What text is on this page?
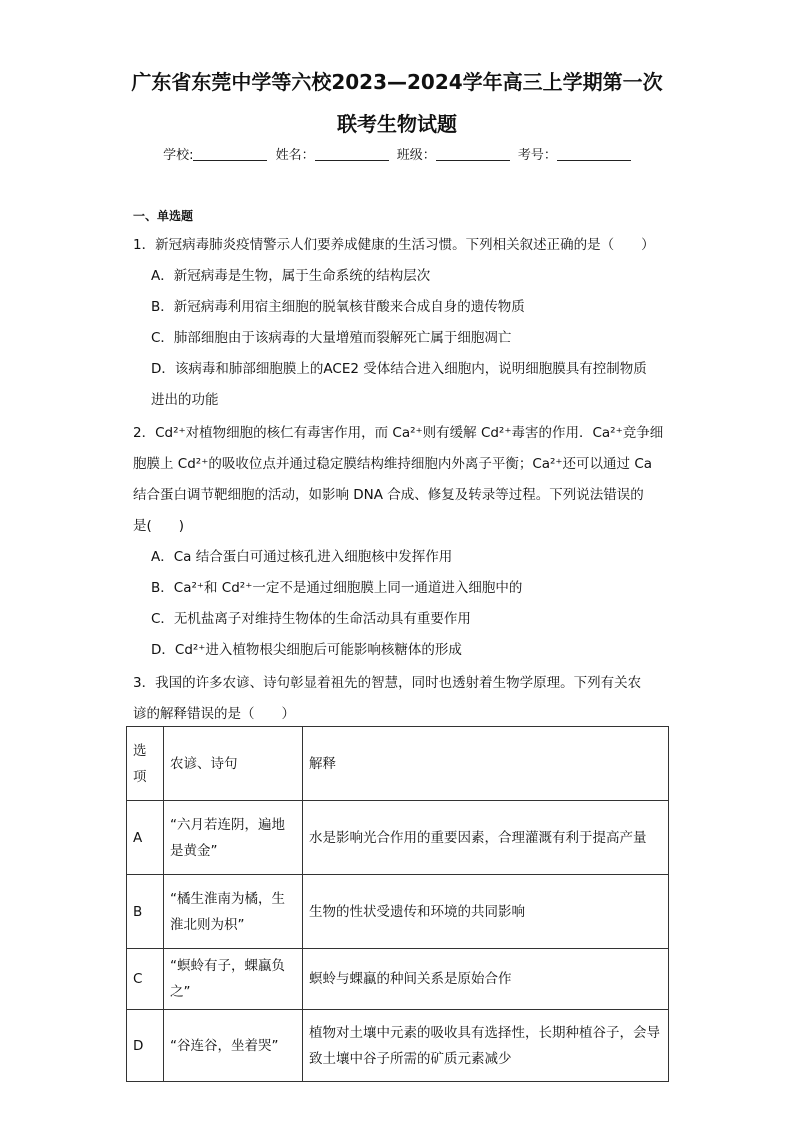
广东省东莞中学等六校2023—2024学年高三上学期第一次
联考生物试题
学校:	姓名：	班级：	考号：
一、单选题
1．新冠病毒肺炎疫情警示人们要养成健康的生活习惯。下列相关叙述正确的是（　　）
A．新冠病毒是生物，属于生命系统的结构层次
B．新冠病毒利用宿主细胞的脱氧核苷酸来合成自身的遗传物质
C．肺部细胞由于该病毒的大量增殖而裂解死亡属于细胞凋亡
D．该病毒和肺部细胞膜上的ACE2 受体结合进入细胞内，说明细胞膜具有控制物质
进出的功能
2．Cd²⁺对植物细胞的核仁有毒害作用，而 Ca²⁺则有缓解 Cd²⁺毒害的作用．Ca²⁺竞争细
胞膜上 Cd²⁺的吸收位点并通过稳定膜结构维持细胞内外离子平衡；Ca²⁺还可以通过 Ca
结合蛋白调节靶细胞的活动，如影响 DNA 合成、修复及转录等过程。下列说法错误的
是(　　)
A．Ca 结合蛋白可通过核孔进入细胞核中发挥作用
B．Ca²⁺和 Cd²⁺一定不是通过细胞膜上同一通道进入细胞中的
C．无机盐离子对维持生物体的生命活动具有重要作用
D．Cd²⁺进入植物根尖细胞后可能影响核糖体的形成
3．我国的许多农谚、诗句彰显着祖先的智慧，同时也透射着生物学原理。下列有关农
谚的解释错误的是（　　）
选项	农谚、诗句	解释
A	“六月若连阴，遍地是黄金”	水是影响光合作用的重要因素，合理灌溉有利于提高产量
B	“橘生淮南为橘，生淮北则为枳”	生物的性状受遗传和环境的共同影响
C	“螟蛉有子，蜾蠃负之”	螟蛉与蜾蠃的种间关系是原始合作
D	“谷连谷，坐着哭”	植物对土壤中元素的吸收具有选择性，长期种植谷子，会导致土壤中谷子所需的矿质元素减少
